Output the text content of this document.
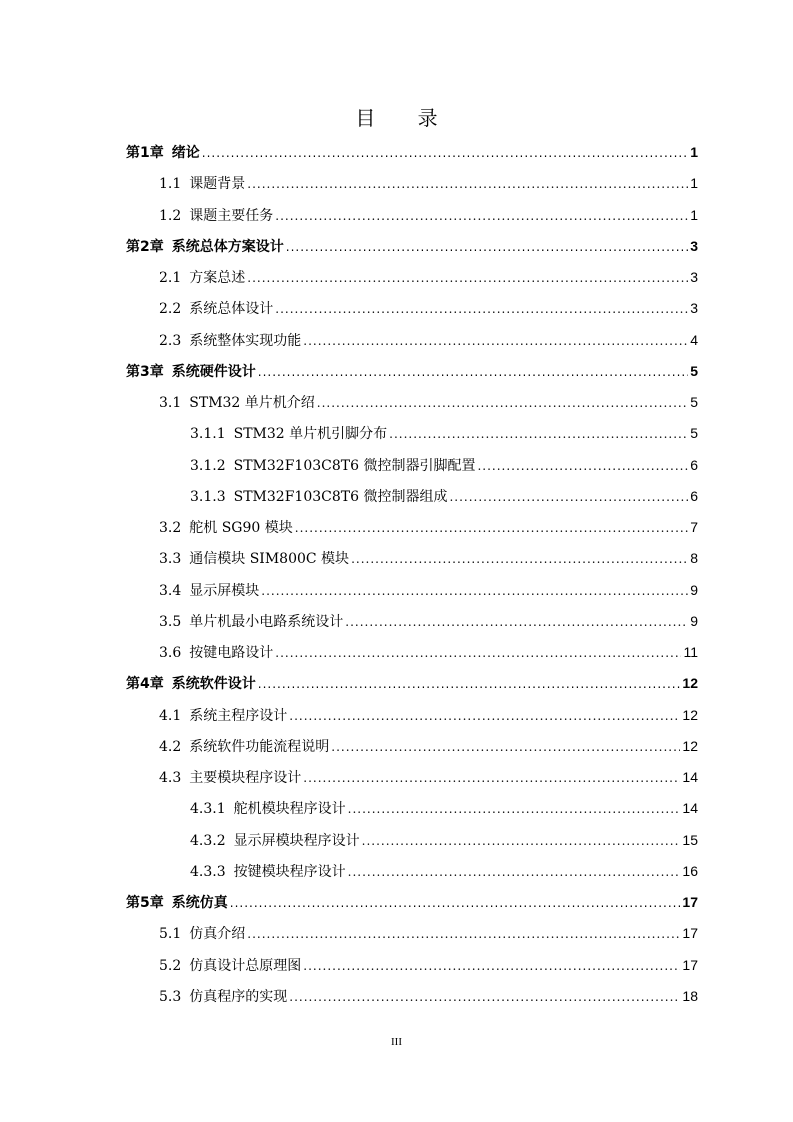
目 录
第1章 绪论 .....	1
1.1 课题背景 .....	1
1.2 课题主要任务 .....	1
第2章 系统总体方案设计 .....	3
2.1 方案总述 .....	3
2.2 系统总体设计 .....	3
2.3 系统整体实现功能 .....	4
第3章 系统硬件设计 .....	5
3.1 STM32 单片机介绍 .....	5
3.1.1 STM32 单片机引脚分布 .....	5
3.1.2 STM32F103C8T6 微控制器引脚配置 .....	6
3.1.3 STM32F103C8T6 微控制器组成 .....	6
3.2 舵机 SG90 模块 .....	7
3.3 通信模块 SIM800C 模块 .....	8
3.4 显示屏模块 .....	9
3.5 单片机最小电路系统设计 .....	9
3.6 按键电路设计 .....	11
第4章 系统软件设计 .....	12
4.1 系统主程序设计 .....	12
4.2 系统软件功能流程说明 .....	12
4.3 主要模块程序设计 .....	14
4.3.1 舵机模块程序设计 .....	14
4.3.2 显示屏模块程序设计 .....	15
4.3.3 按键模块程序设计 .....	16
第5章 系统仿真 .....	17
5.1 仿真介绍 .....	17
5.2 仿真设计总原理图 .....	17
5.3 仿真程序的实现 .....	18
III
